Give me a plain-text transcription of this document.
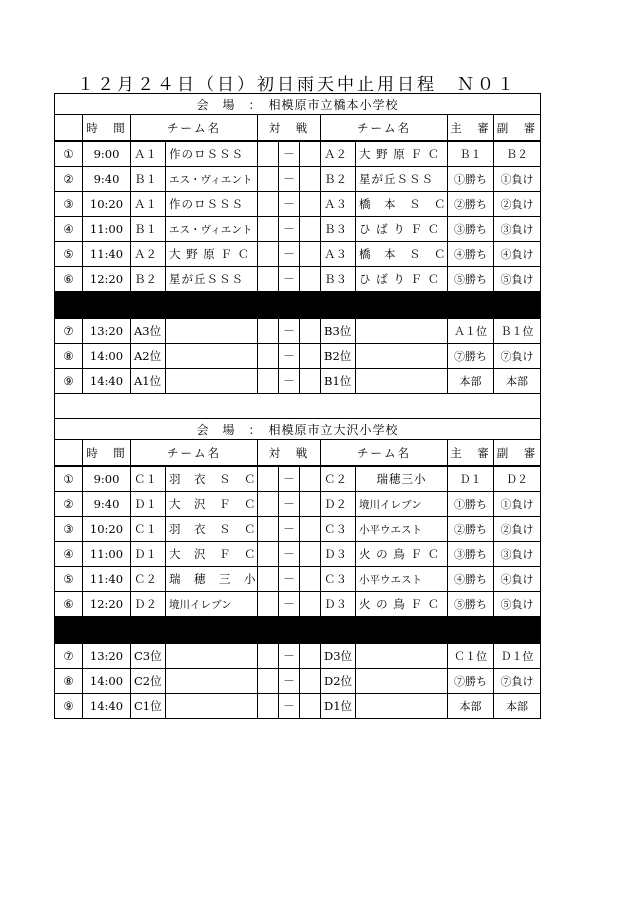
１２月２４日（日）初日雨天中止用日程　Ｎ０１
会　場　：　相模原市立橋本小学校										
	時　間	チーム名		対　戦			チーム名		主　審	副　審
①	9:00	Ａ１	作のロＳＳＳ		－		Ａ２	大 野 原 Ｆ Ｃ	Ｂ１	Ｂ２
②	9:40	Ｂ１	エス・ヴィエント		－		Ｂ２	星が丘ＳＳＳ	①勝ち	①負け
③	10:20	Ａ１	作のロＳＳＳ		－		Ａ３	橋　本　Ｓ　Ｃ	②勝ち	②負け
④	11:00	Ｂ１	エス・ヴィエント		－		Ｂ３	ひ ば り Ｆ Ｃ	③勝ち	③負け
⑤	11:40	Ａ２	大 野 原 Ｆ Ｃ		－		Ａ３	橋　本　Ｓ　Ｃ	④勝ち	④負け
⑥	12:20	Ｂ２	星が丘ＳＳＳ		－		Ｂ３	ひ ば り Ｆ Ｃ	⑤勝ち	⑤負け

⑦	13:20	A3位			－		B3位		Ａ１位	Ｂ１位
⑧	14:00	A2位			－		B2位		⑦勝ち	⑦負け
⑨	14:40	A1位			－		B1位		本部	本部

会　場　：　相模原市立大沢小学校										
	時　間	チーム名		対　戦			チーム名		主　審	副　審
①	9:00	Ｃ１	羽　衣　Ｓ　Ｃ		－		Ｃ２	瑞穂三小	Ｄ１	Ｄ２
②	9:40	Ｄ１	大　沢　Ｆ　Ｃ		－		Ｄ２	境川イレブン	①勝ち	①負け
③	10:20	Ｃ１	羽　衣　Ｓ　Ｃ		－		Ｃ３	小平ウエスト	②勝ち	②負け
④	11:00	Ｄ１	大　沢　Ｆ　Ｃ		－		Ｄ３	火 の 鳥 Ｆ Ｃ	③勝ち	③負け
⑤	11:40	Ｃ２	瑞　穂　三　小		－		Ｃ３	小平ウエスト	④勝ち	④負け
⑥	12:20	Ｄ２	境川イレブン		－		Ｄ３	火 の 鳥 Ｆ Ｃ	⑤勝ち	⑤負け

⑦	13:20	C3位			－		D3位		Ｃ１位	Ｄ１位
⑧	14:00	C2位			－		D2位		⑦勝ち	⑦負け
⑨	14:40	C1位			－		D1位		本部	本部
